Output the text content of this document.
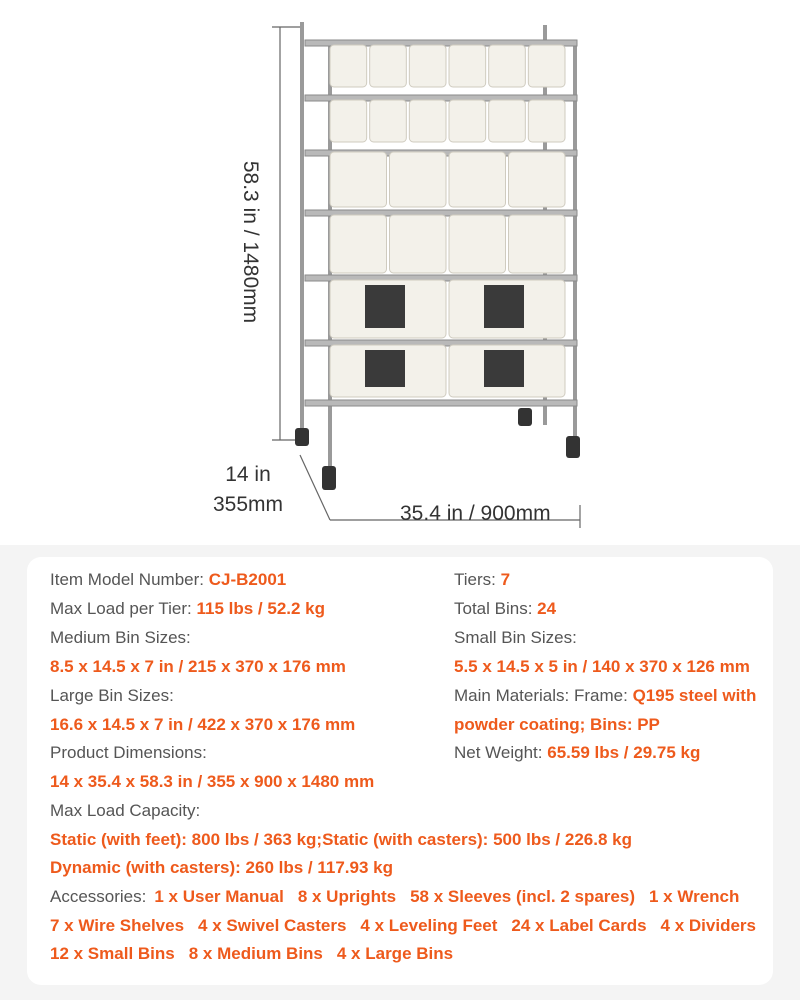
58.3 in / 1480mm
14 in
355mm	35.4 in / 900mm
Item Model Number: CJ-B2001	Tiers: 7
Max Load per Tier: 115 lbs / 52.2 kg	Total Bins: 24
Medium Bin Sizes:	Small Bin Sizes:
8.5 x 14.5 x 7 in / 215 x 370 x 176 mm	5.5 x 14.5 x 5 in / 140 x 370 x 126 mm
Large Bin Sizes:	Main Materials: Frame: Q195 steel with
16.6 x 14.5 x 7 in / 422 x 370 x 176 mm	powder coating; Bins: PP
Product Dimensions:	Net Weight: 65.59 lbs / 29.75 kg
14 x 35.4 x 58.3 in / 355 x 900 x 1480 mm
Max Load Capacity:
Static (with feet): 800 lbs / 363 kg;Static (with casters): 500 lbs / 226.8 kg
Dynamic (with casters): 260 lbs / 117.93 kg
Accessories: 1 x User Manual 8 x Uprights 58 x Sleeves (incl. 2 spares) 1 x Wrench
7 x Wire Shelves 4 x Swivel Casters 4 x Leveling Feet 24 x Label Cards 4 x Dividers
12 x Small Bins 8 x Medium Bins 4 x Large Bins
